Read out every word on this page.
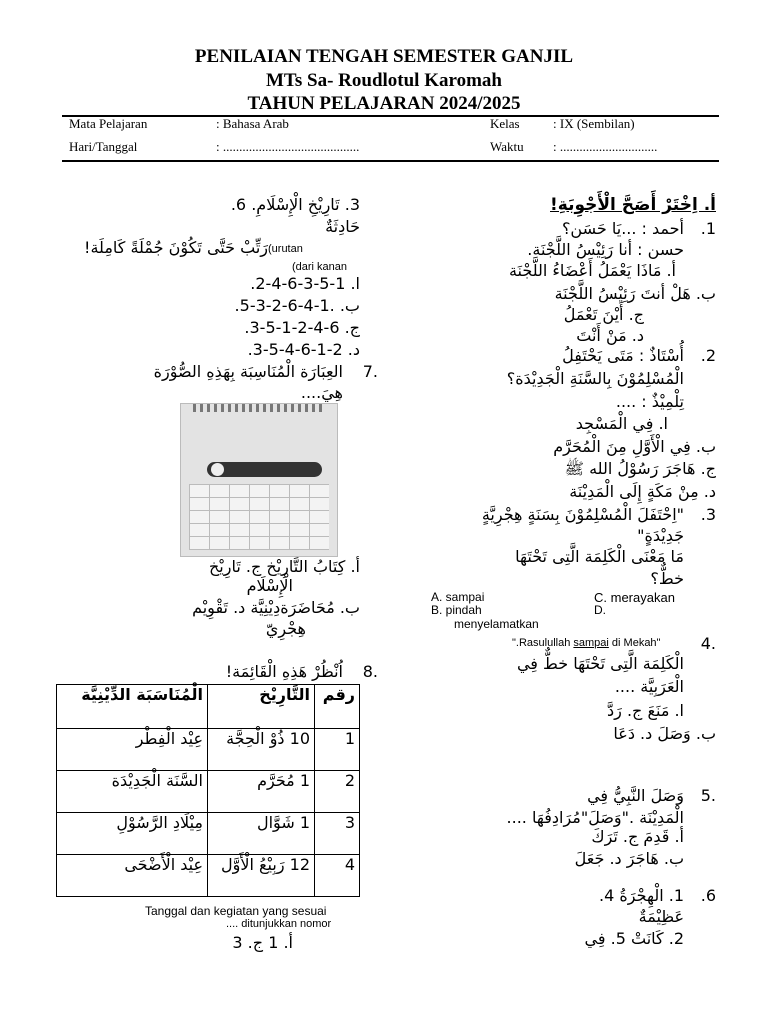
PENILAIAN TENGAH SEMESTER GANJIL
MTs Sa- Roudlotul Karomah
TAHUN PELAJARAN 2024/2025
Mata Pelajaran	: Bahasa Arab	Kelas	: IX (Sembilan)
Hari/Tanggal	: ..........................................	Waktu : ..............................
أ. اِخْتَرْ أَصَحَّ الْأَجْوِبَةِ!
1.
أحمد : ...يَا حَسَن؟
حسن : أنا رَئِيْسُ اللَّجْنَة.
أ. مَاذَا يَعْمَلُ أَعْضَاءُ اللَّجْنَة
ب. هَلْ أنتَ رَئِيْسُ اللَّجْنَة
ج. أَيْنَ تَعْمَلُ
د. مَنْ أَنْتَ
2.
أُسْتَاذٌ : مَتَى يَحْتَفِلُ
الْمُسْلِمُوْنَ بِالسَّنَةِ الْجَدِيْدَة؟
تِلْمِيْذٌ : ....
ا. فِي الْمَسْجِد
ب. فِي الْأَوَّلِ مِنَ الْمُحَرَّم
ج. هَاجَرَ رَسُوْلُ الله ﷺ
د. مِنْ مَكَةٍ إِلَى الْمَدِيْنَة
3.
"اِحْتَفَلَ الْمُسْلِمُوْنَ بِسَنَةٍ هِجْرِيَّةٍ
جَدِيْدَةٍ"
مَا مَعْنَى الْكَلِمَة الَّتِى تَحْتَهَا
خطٌّ؟
A. sampai	C. merayakan
B. pindah	D.
menyelamatkan
.4
".Rasulullah sampai di Mekah"
الْكَلِمَة الَّتِى تَحْتَهَا خطٌّ فِي
الْعَرَبِيَّة ....
ا. مَنَعَ ج. رَدَّ
ب. وَصَلَ د. دَعَا
.5
وَصَلَ النَّبِيُّ فِي
الْمَدِيْنَة ."وَصَلَ"مُرَادِفُهَا ....
أ. قَدِمَ ج. تَرَكَ
ب. هَاجَرَ د. جَعَلَ
6.
1. الْهِجْرَةُ 4.
عَظِيْمَةٌ
2. كَانَتْ 5. فِي
3. تَارِيْخِ الْإِسْلَامِ. 6.
حَادِثَةٌ
رَتِّبْ حَتَّى تَكُوْنَ جُمْلَةً كَامِلَة! (urutan
(dari kanan
ا. 1-5-3-6-4-2.
ب. .1-4-6-2-3-5.
ج. 6-4-2-1-5-3.
د. 2-1-6-4-5-3.
.7
العِبَارَة الْمُنَاسِبَة بِهَذِهِ الصُّوْرَة
هِيَ....
أ. كِتَابُ التَّارِيْخ ج. تَارِيْخ
الْإِسْلَام
ب. مُحَاضَرَةدِيْنِيَّة د. تَقْوِيْم
هِجْرِيّ
.8
اُنْظُرْ هَذِهِ الْقَائِمَة!
رقم	التَّارِيْخ	الْمُنَاسَبَة الدِّيْنِيَّة
1	10 ذُوْ الْحِجَّة	عِيْد الْفِطْر
2	1 مُحَرَّم	السَّنَة الْجَدِيْدَة
3	1 شَوَّال	مِيْلَادِ الرَّسُوْلِ
4	12 رَبِيْعُ الْأَوَّل	عِيْد الْأَضْحَى
Tanggal dan kegiatan yang sesuai
.... ditunjukkan nomor
أ. 1 ج. 3
